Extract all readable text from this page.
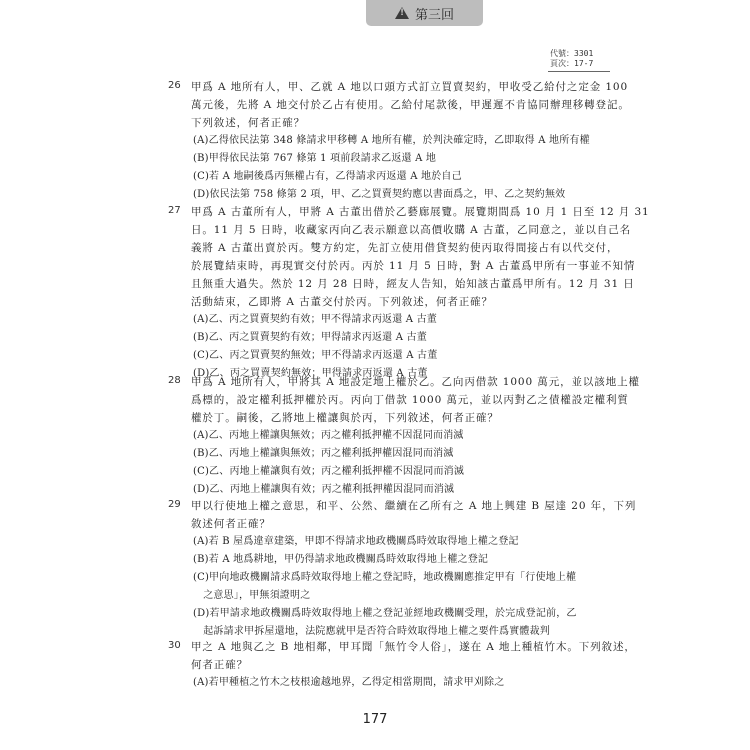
!
第三回
代號：3301
頁次：17-7
26 甲爲 A 地所有人，甲、乙就 A 地以口頭方式訂立買賣契約，甲收受乙給付之定金 100
萬元後，先將 A 地交付於乙占有使用。乙給付尾款後，甲遲遲不肯協同辦理移轉登記。
下列敘述，何者正確？
(A)乙得依民法第 348 條請求甲移轉 A 地所有權，於判決確定時，乙即取得 A 地所有權
(B)甲得依民法第 767 條第 1 項前段請求乙返還 A 地
(C)若 A 地嗣後爲丙無權占有，乙得請求丙返還 A 地於自己
(D)依民法第 758 條第 2 項，甲、乙之買賣契約應以書面爲之，甲、乙之契約無效
27 甲爲 A 古董所有人，甲將 A 古董出借於乙藝廊展覽。展覽期間爲 10 月 1 日至 12 月 31
日。11 月 5 日時，收藏家丙向乙表示願意以高價收購 A 古董，乙同意之，並以自己名
義將 A 古董出賣於丙。雙方約定，先訂立使用借貸契約使丙取得間接占有以代交付，
於展覽結束時，再現實交付於丙。丙於 11 月 5 日時，對 A 古董爲甲所有一事並不知情
且無重大過失。然於 12 月 28 日時，經友人告知，始知該古董爲甲所有。12 月 31 日
活動結束，乙即將 A 古董交付於丙。下列敘述，何者正確？
(A)乙、丙之買賣契約有效；甲不得請求丙返還 A 古董
(B)乙、丙之買賣契約有效；甲得請求丙返還 A 古董
(C)乙、丙之買賣契約無效；甲不得請求丙返還 A 古董
(D)乙、丙之買賣契約無效；甲得請求丙返還 A 古董
28 甲爲 A 地所有人，甲將其 A 地設定地上權於乙。乙向丙借款 1000 萬元，並以該地上權
爲標的，設定權利抵押權於丙。丙向丁借款 1000 萬元，並以丙對乙之債權設定權利質
權於丁。嗣後，乙將地上權讓與於丙，下列敘述，何者正確？
(A)乙、丙地上權讓與無效；丙之權利抵押權不因混同而消滅
(B)乙、丙地上權讓與無效；丙之權利抵押權因混同而消滅
(C)乙、丙地上權讓與有效；丙之權利抵押權不因混同而消滅
(D)乙、丙地上權讓與有效；丙之權利抵押權因混同而消滅
29 甲以行使地上權之意思，和平、公然、繼續在乙所有之 A 地上興建 B 屋達 20 年，下列
敘述何者正確？
(A)若 B 屋爲違章建築，甲即不得請求地政機關爲時效取得地上權之登記
(B)若 A 地爲耕地，甲仍得請求地政機關爲時效取得地上權之登記
(C)甲向地政機關請求爲時效取得地上權之登記時，地政機關應推定甲有「行使地上權
　之意思」，甲無須證明之
(D)若甲請求地政機關爲時效取得地上權之登記並經地政機關受理，於完成登記前，乙
　起訴請求甲拆屋還地，法院應就甲是否符合時效取得地上權之要件爲實體裁判
30 甲之 A 地與乙之 B 地相鄰，甲耳聞「無竹令人俗」，遂在 A 地上種植竹木。下列敘述，
何者正確？
(A)若甲種植之竹木之枝根逾越地界，乙得定相當期間，請求甲刈除之
177
